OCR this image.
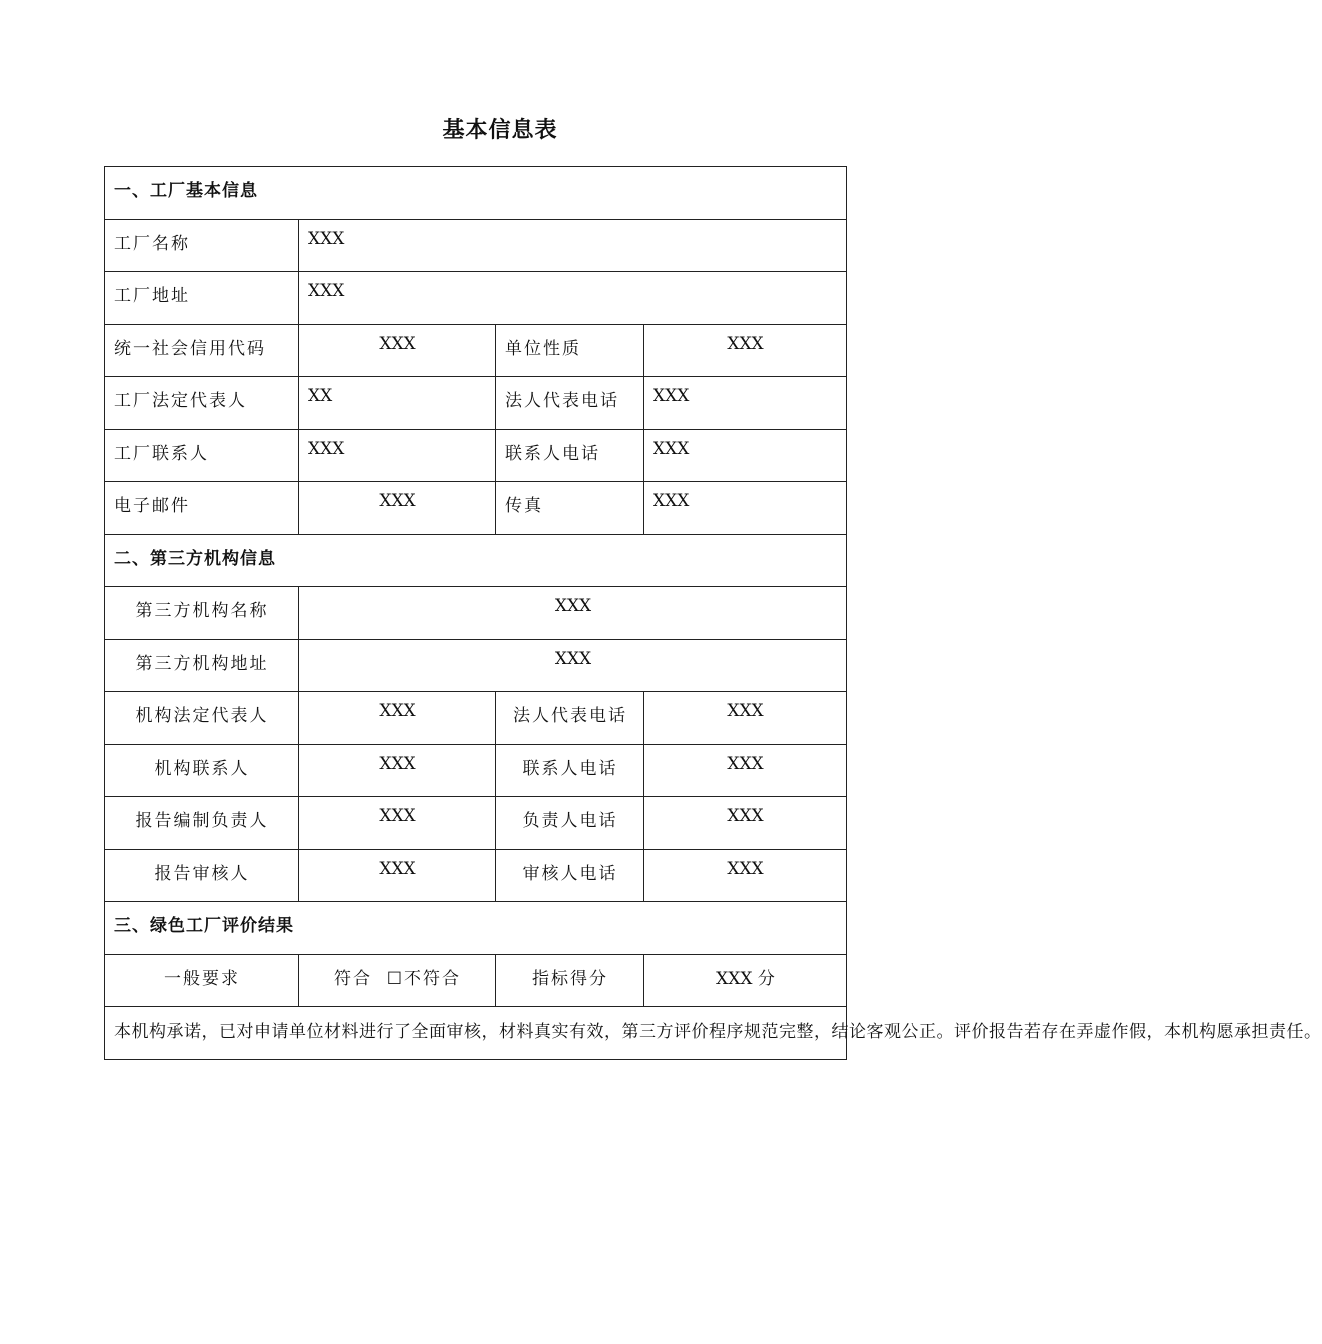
基本信息表
一、工厂基本信息			
工厂名称	XXX		
工厂地址	XXX		
统一社会信用代码	XXX	单位性质	XXX
工厂法定代表人	XX	法人代表电话	XXX
工厂联系人	XXX	联系人电话	XXX
电子邮件	XXX	传真	XXX
二、第三方机构信息			
第三方机构名称	XXX		
第三方机构地址	XXX		
机构法定代表人	XXX	法人代表电话	XXX
机构联系人	XXX	联系人电话	XXX
报告编制负责人	XXX	负责人电话	XXX
报告审核人	XXX	审核人电话	XXX
三、绿色工厂评价结果			
一般要求	符合 ☐不符合	指标得分	XXX 分
本机构承诺，已对申请单位材料进行了全面审核，材料真实有效，第三方评价程序规范完整，结论客观公正。评价报告若存在弄虚作假，本机构愿承担责任。			
